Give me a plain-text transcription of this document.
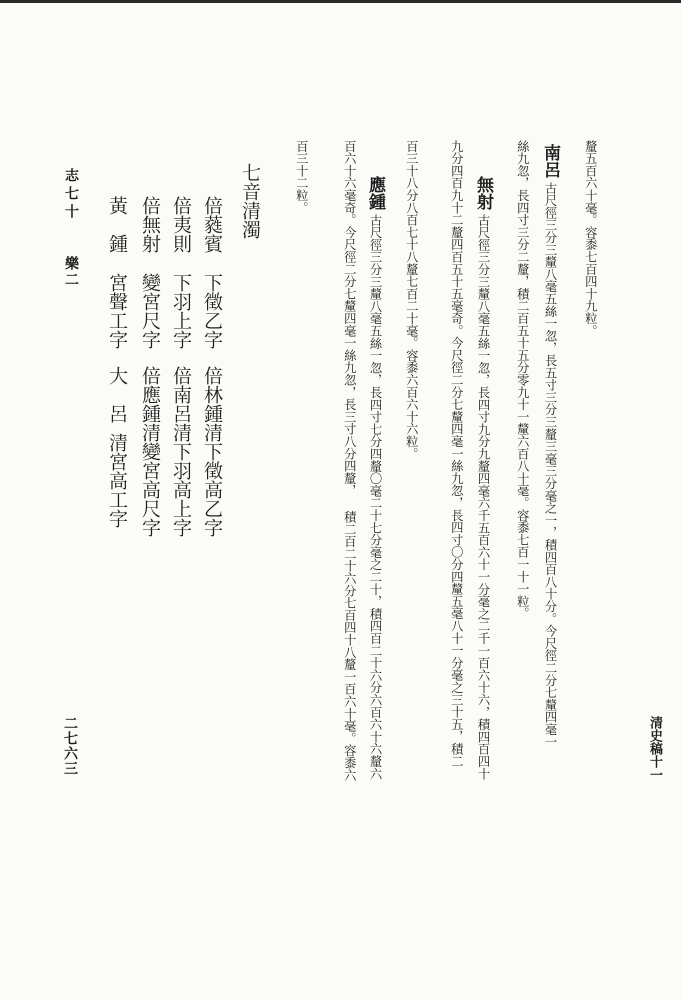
清史稿十一
釐五百六十毫。容黍七百四十九粒。
南呂古尺徑三分三釐八毫五絲一忽，長五寸三分三釐三毫三分毫之一，積四百八十分。今尺徑二分七釐四毫一
絲九忽，長四寸三分二釐，積二百五十五分零九十一釐六百八十毫。容黍七百一十一粒。
無射古尺徑三分三釐八毫五絲一忽，長四寸九分九釐四毫六千五百六十一分毫之二千一百六十六，積四百四十
九分四百九十二釐四百五十五毫奇。今尺徑二分七釐四毫一絲九忽，長四寸〇分四釐五毫八十一分毫之三十五，積二
百三十八分八百七十八釐七百二十毫。容黍六百六十六粒。
應鍾古尺徑三分三釐八毫五絲一忽，長四寸七分四釐〇毫二十七分毫之二十，積四百二十六分六百六十六釐六
百六十六毫奇。今尺徑二分七釐四毫一絲九忽，長三寸八分四釐， 積二百二十六分七百四十八釐一百六十毫。容黍六
百三十二粒。
七音清濁
倍蕤賓
下徵乙字
倍林鍾
清下徵高乙字
倍夷則
下羽上字
倍南呂
清下羽高上字
倍無射
變宮尺字
倍應鍾
清變宮高尺字
黃　鍾
宮聲工字
大　呂
清宮高工字
志七十
樂二
二七六三
